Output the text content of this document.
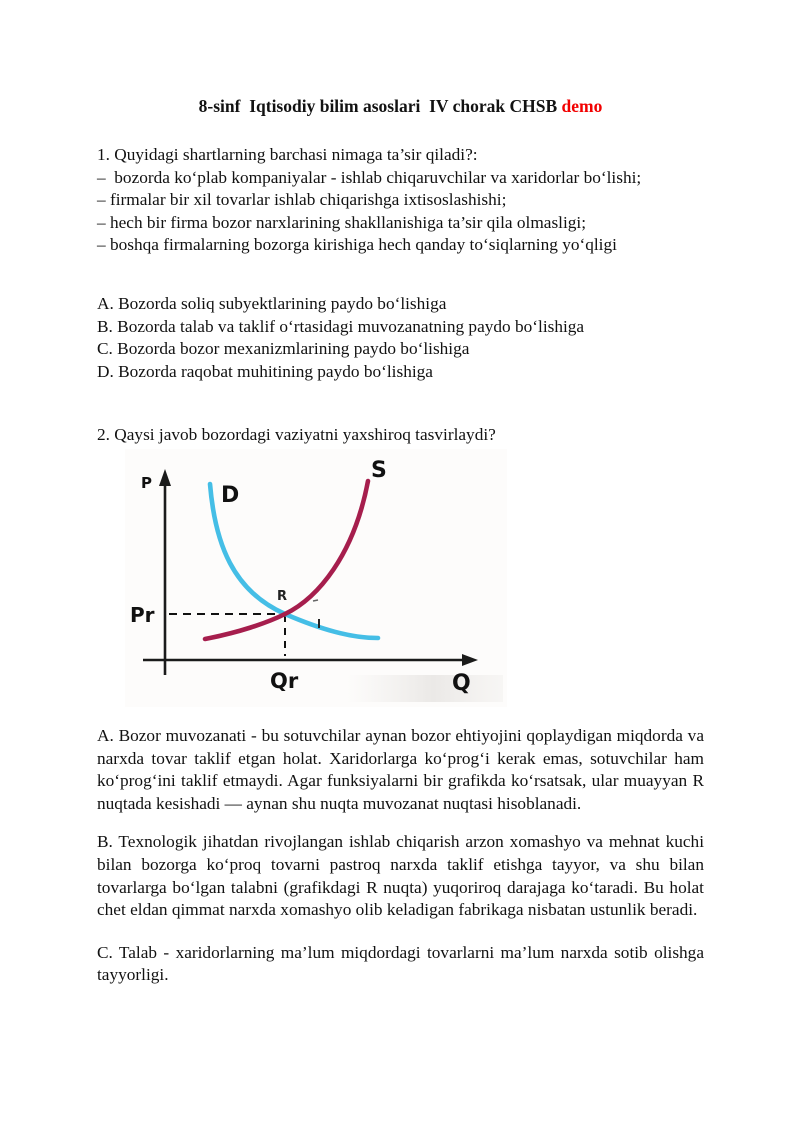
8-sinf  Iqtisodiy bilim asoslari  IV chorak CHSB demo
1. Quyidagi shartlarning barchasi nimaga ta’sir qiladi?:
–  bozorda ko‘plab kompaniyalar - ishlab chiqaruvchilar va xaridorlar bo‘lishi;
– firmalar bir xil tovarlar ishlab chiqarishga ixtisoslashishi;
– hech bir firma bozor narxlarining shakllanishiga ta’sir qila olmasligi;
– boshqa firmalarning bozorga kirishiga hech qanday to‘siqlarning yo‘qligi
A. Bozorda soliq subyektlarining paydo bo‘lishiga
B. Bozorda talab va taklif o‘rtasidagi muvozanatning paydo bo‘lishiga
C. Bozorda bozor mexanizmlarining paydo bo‘lishiga
D. Bozorda raqobat muhitining paydo bo‘lishiga
2. Qaysi javob bozordagi vaziyatni yaxshiroq tasvirlaydi?
P
Q
D
S
Pr
Qr
R
A. Bozor muvozanati - bu sotuvchilar aynan bozor ehtiyojini qoplaydigan miqdorda va narxda tovar taklif etgan holat. Xaridorlarga ko‘prog‘i kerak emas, sotuvchilar ham ko‘prog‘ini taklif etmaydi. Agar funksiyalarni bir grafikda ko‘rsatsak, ular muayyan R nuqtada kesishadi — aynan shu nuqta muvozanat nuqtasi hisoblanadi.
B. Texnologik jihatdan rivojlangan ishlab chiqarish arzon xomashyo va mehnat kuchi bilan bozorga ko‘proq tovarni pastroq narxda taklif etishga tayyor, va shu bilan tovarlarga bo‘lgan talabni (grafikdagi R nuqta) yuqoriroq darajaga ko‘taradi. Bu holat chet eldan qimmat narxda xomashyo olib keladigan fabrikaga nisbatan ustunlik beradi.
C. Talab - xaridorlarning ma’lum miqdordagi tovarlarni ma’lum narxda sotib olishga tayyorligi.
